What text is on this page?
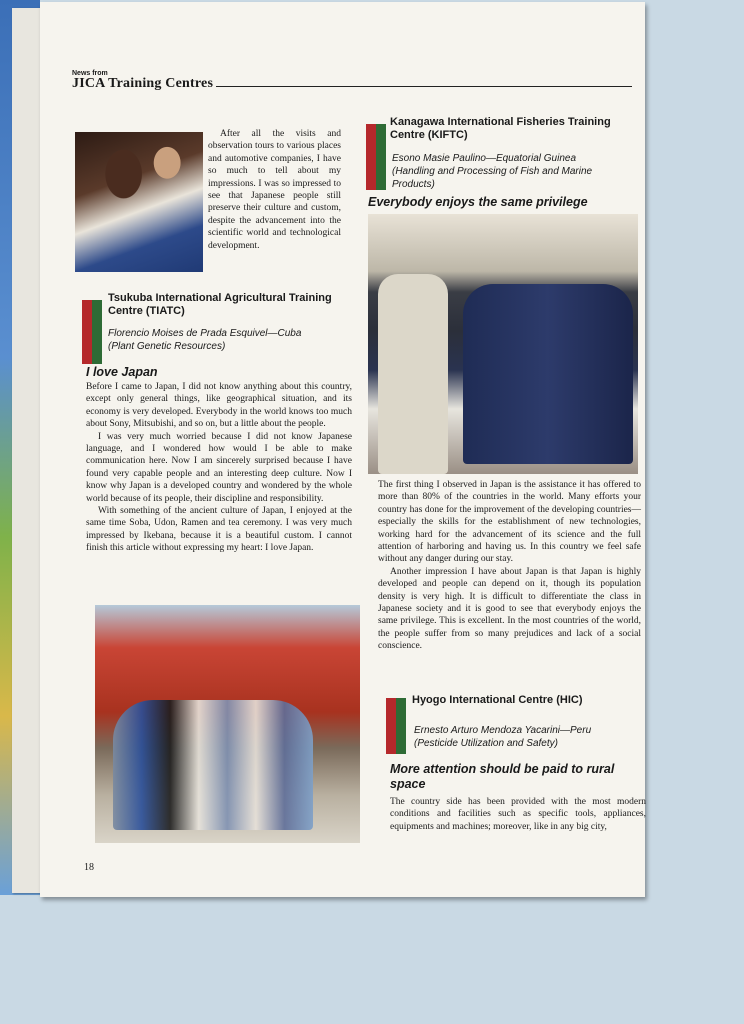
News from
JICA Training Centres

After all the visits and observation tours to various places and automotive companies, I have so much to tell about my impressions. I was so impressed to see that Japanese people still preserve their culture and custom, despite the advancement into the scientific world and technological development.

Tsukuba International Agricultural Training Centre (TIATC)
Florencio Moises de Prada Esquivel—Cuba
(Plant Genetic Resources)
I love Japan

Before I came to Japan, I did not know anything about this country, except only general things, like geographical situation, and its economy is very developed. Everybody in the world knows too much about Sony, Mitsubishi, and so on, but a little about the people.

I was very much worried because I did not know Japanese language, and I wondered how would I be able to make communication here. Now I am sincerely surprised because I have found very capable people and an interesting deep culture. Now I know why Japan is a developed country and wondered by the whole world because of its people, their discipline and responsibility.

With something of the ancient culture of Japan, I enjoyed at the same time Soba, Udon, Ramen and tea ceremony. I was very much impressed by Ikebana, because it is a beautiful custom. I cannot finish this article without expressing my heart: I love Japan.

Kanagawa International Fisheries Training Centre (KIFTC)
Esono Masie Paulino—Equatorial Guinea
(Handling and Processing of Fish and Marine Products)
Everybody enjoys the same privilege

The first thing I observed in Japan is the assistance it has offered to more than 80% of the countries in the world. Many efforts your country has done for the improvement of the developing countries—especially the skills for the establishment of new technologies, working hard for the advancement of its science and the full attention of harboring and having us. In this country we feel safe without any danger during our stay.

Another impression I have about Japan is that Japan is highly developed and people can depend on it, though its population density is very high. It is difficult to differentiate the class in Japanese society and it is good to see that everybody enjoys the same privilege. This is excellent. In the most countries of the world, the people suffer from so many prejudices and lack of a social conscience.

Hyogo International Centre (HIC)
Ernesto Arturo Mendoza Yacarini—Peru
(Pesticide Utilization and Safety)
More attention should be paid to rural space

The country side has been provided with the most modern conditions and facilities such as specific tools, appliances, equipments and machines; moreover, like in any big city,

18
